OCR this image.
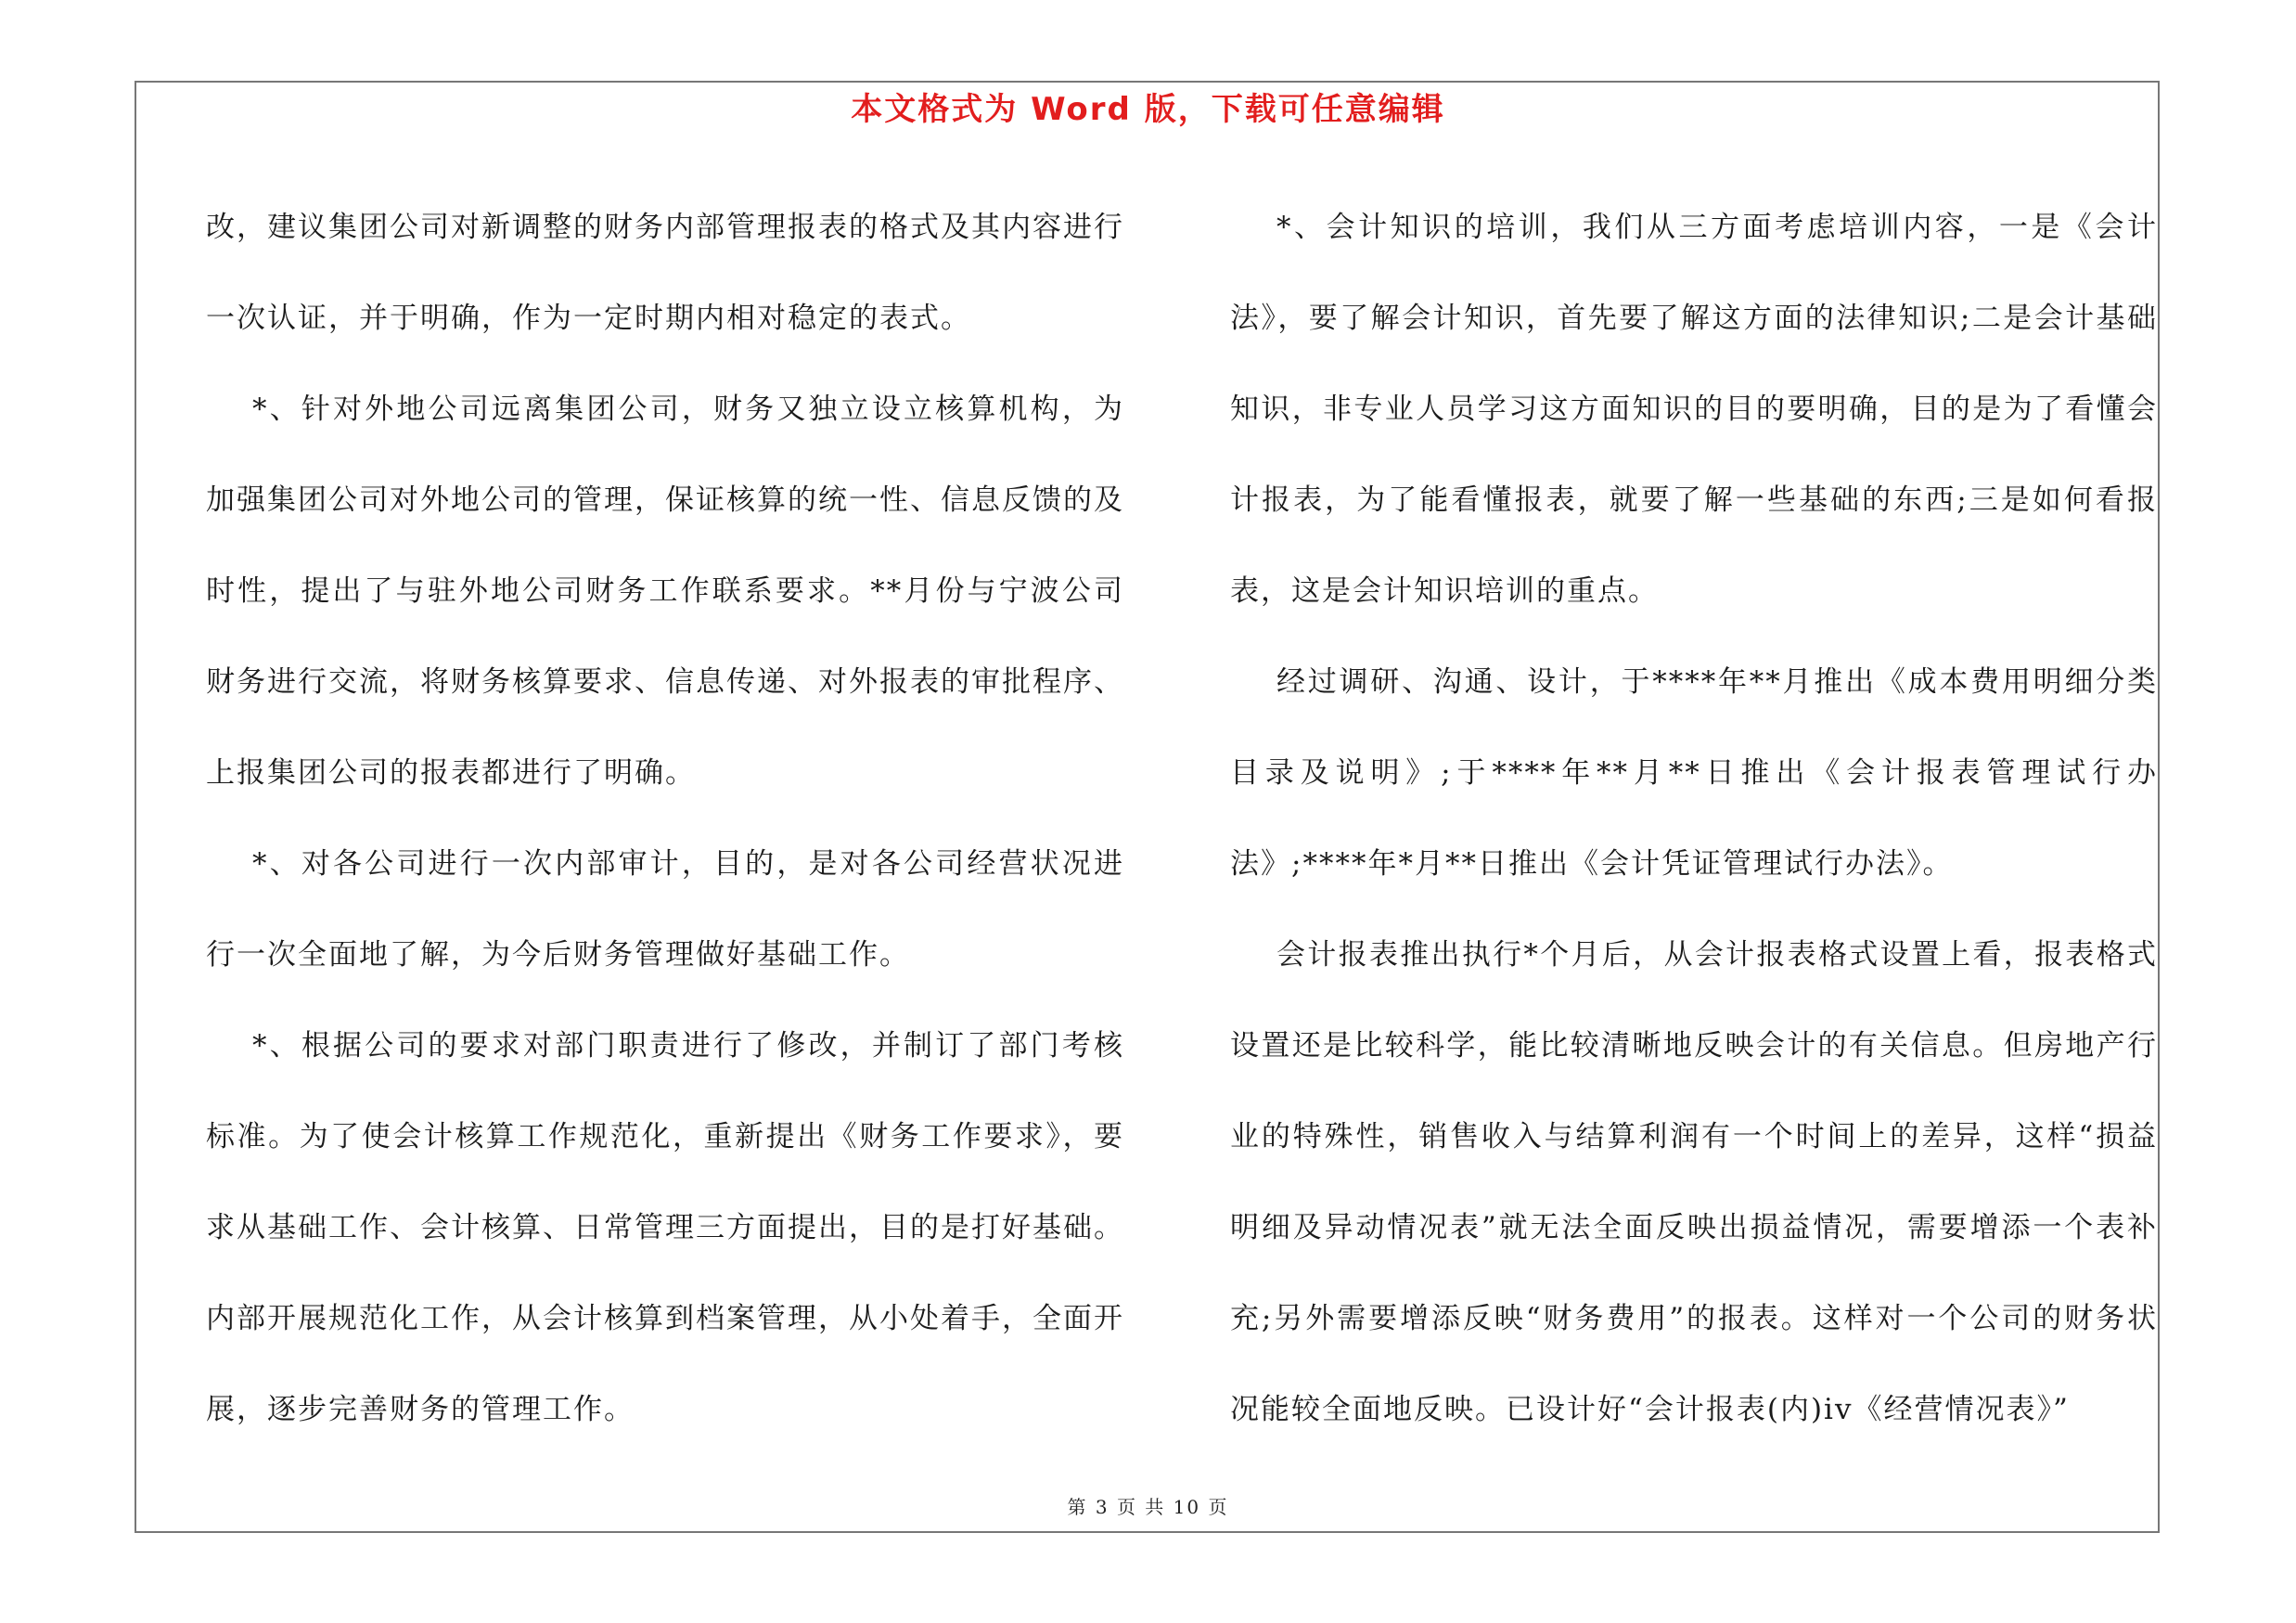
本文格式为 Word 版，下载可任意编辑

改，建议集团公司对新调整的财务内部管理报表的格式及其内容进行一次认证，并于明确，作为一定时期内相对稳定的表式。

*、针对外地公司远离集团公司，财务又独立设立核算机构，为加强集团公司对外地公司的管理，保证核算的统一性、信息反馈的及时性，提出了与驻外地公司财务工作联系要求。**月份与宁波公司财务进行交流，将财务核算要求、信息传递、对外报表的审批程序、上报集团公司的报表都进行了明确。

*、对各公司进行一次内部审计，目的，是对各公司经营状况进行一次全面地了解，为今后财务管理做好基础工作。

*、根据公司的要求对部门职责进行了修改，并制订了部门考核标准。为了使会计核算工作规范化，重新提出《财务工作要求》，要求从基础工作、会计核算、日常管理三方面提出，目的是打好基础。内部开展规范化工作，从会计核算到档案管理，从小处着手，全面开展，逐步完善财务的管理工作。

*、会计知识的培训，我们从三方面考虑培训内容，一是《会计法》，要了解会计知识，首先要了解这方面的法律知识;二是会计基础知识，非专业人员学习这方面知识的目的要明确，目的是为了看懂会计报表，为了能看懂报表，就要了解一些基础的东西;三是如何看报表，这是会计知识培训的重点。

经过调研、沟通、设计，于****年**月推出《成本费用明细分类目录及说明》;于****年**月**日推出《会计报表管理试行办法》;****年*月**日推出《会计凭证管理试行办法》。

会计报表推出执行*个月后，从会计报表格式设置上看，报表格式设置还是比较科学，能比较清晰地反映会计的有关信息。但房地产行业的特殊性，销售收入与结算利润有一个时间上的差异，这样“损益明细及异动情况表”就无法全面反映出损益情况，需要增添一个表补充;另外需要增添反映“财务费用”的报表。这样对一个公司的财务状况能较全面地反映。已设计好“会计报表(内)iv《经营情况表》”

第 3 页 共 10 页
